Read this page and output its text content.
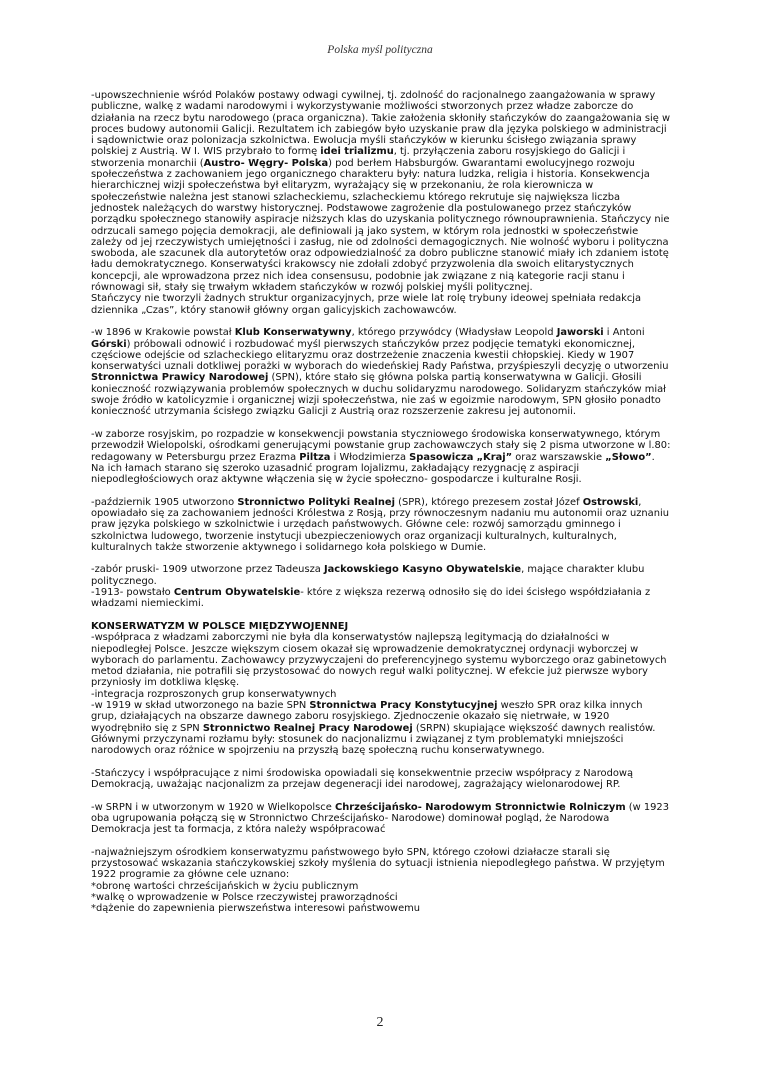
Polska myśl polityczna

-upowszechnienie wśród Polaków postawy odwagi cywilnej, tj. zdolność do racjonalnego zaangażowania w sprawy publiczne, walkę z wadami narodowymi i wykorzystywanie możliwości stworzonych przez władze zaborcze do działania na rzecz bytu narodowego (praca organiczna). Takie założenia skłoniły stańczyków do zaangażowania się w proces budowy autonomii Galicji. Rezultatem ich zabiegów było uzyskanie praw dla języka polskiego w administracji i sądownictwie oraz polonizacja szkolnictwa. Ewolucja myśli stańczyków w kierunku ścisłego związania sprawy polskiej z Austrią. W I. WIS przybrało to formę idei trializmu, tj. przyłączenia zaboru rosyjskiego do Galicji i stworzenia monarchii (Austro- Węgry- Polska) pod berłem Habsburgów. Gwarantami ewolucyjnego rozwoju społeczeństwa z zachowaniem jego organicznego charakteru były: natura ludzka, religia i historia. Konsekwencja hierarchicznej wizji społeczeństwa był elitaryzm, wyrażający się w przekonaniu, że rola kierownicza w społeczeństwie należna jest stanowi szlacheckiemu, szlacheckiemu którego rekrutuje się największa liczba jednostek należących do warstwy historycznej. Podstawowe zagrożenie dla postulowanego przez stańczyków porządku społecznego stanowiły aspiracje niższych klas do uzyskania politycznego równouprawnienia. Stańczycy nie odrzucali samego pojęcia demokracji, ale definiowali ją jako system, w którym rola jednostki w społeczeństwie zależy od jej rzeczywistych umiejętności i zasług, nie od zdolności demagogicznych. Nie wolność wyboru i polityczna swoboda, ale szacunek dla autorytetów oraz odpowiedzialność za dobro publiczne stanowić miały ich zdaniem istotę ładu demokratycznego. Konserwatyści krakowscy nie zdołali zdobyć przyzwolenia dla swoich elitarystycznych koncepcji, ale wprowadzona przez nich idea consensusu, podobnie jak związane z nią kategorie racji stanu i równowagi sił, stały się trwałym wkładem stańczyków w rozwój polskiej myśli politycznej.

Stańczycy nie tworzyli żadnych struktur organizacyjnych, prze wiele lat rolę trybuny ideowej spełniała redakcja dziennika „Czas”, który stanowił główny organ galicyjskich zachowawców.

-w 1896 w Krakowie powstał Klub Konserwatywny, którego przywódcy (Władysław Leopold Jaworski i Antoni Górski) próbowali odnowić i rozbudować myśl pierwszych stańczyków przez podjęcie tematyki ekonomicznej, częściowe odejście od szlacheckiego elitaryzmu oraz dostrzeżenie znaczenia kwestii chłopskiej. Kiedy w 1907 konserwatyści uznali dotkliwej porażki w wyborach do wiedeńskiej Rady Państwa, przyśpieszyli decyzję o utworzeniu Stronnictwa Prawicy Narodowej (SPN), które stało się główna polska partią konserwatywna w Galicji. Głosili konieczność rozwiązywania problemów społecznych w duchu solidaryzmu narodowego. Solidaryzm stańczyków miał swoje źródło w katolicyzmie i organicznej wizji społeczeństwa, nie zaś w egoizmie narodowym, SPN głosiło ponadto konieczność utrzymania ścisłego związku Galicji z Austrią oraz rozszerzenie zakresu jej autonomii.

-w zaborze rosyjskim, po rozpadzie w konsekwencji powstania styczniowego środowiska konserwatywnego, którym przewodził Wielopolski, ośrodkami generującymi powstanie grup zachowawczych stały się 2 pisma utworzone w l.80: redagowany w Petersburgu przez Erazma Piltza i Włodzimierza Spasowicza „Kraj” oraz warszawskie „Słowo”. Na ich łamach starano się szeroko uzasadnić program lojalizmu, zakładający rezygnację z aspiracji niepodległościowych oraz aktywne włączenia się w życie społeczno- gospodarcze i kulturalne Rosji.

-październik 1905 utworzono Stronnictwo Polityki Realnej (SPR), którego prezesem został Józef Ostrowski, opowiadało się za zachowaniem jedności Królestwa z Rosją, przy równoczesnym nadaniu mu autonomii oraz uznaniu praw języka polskiego w szkolnictwie i urzędach państwowych. Główne cele: rozwój samorządu gminnego i szkolnictwa ludowego, tworzenie instytucji ubezpieczeniowych oraz organizacji kulturalnych, kulturalnych, kulturalnych także stworzenie aktywnego i solidarnego koła polskiego w Dumie.

-zabór pruski- 1909 utworzone przez Tadeusza Jackowskiego Kasyno Obywatelskie, mające charakter klubu politycznego.

-1913- powstało Centrum Obywatelskie- które z większa rezerwą odnosiło się do idei ścisłego współdziałania z władzami niemieckimi.

KONSERWATYZM W POLSCE MIĘDZYWOJENNEJ

-współpraca z władzami zaborczymi nie była dla konserwatystów najlepszą legitymacją do działalności w niepodległej Polsce. Jeszcze większym ciosem okazał się wprowadzenie demokratycznej ordynacji wyborczej w wyborach do parlamentu. Zachowawcy przyzwyczajeni do preferencyjnego systemu wyborczego oraz gabinetowych metod działania, nie potrafili się przystosować do nowych reguł walki politycznej. W efekcie już pierwsze wybory przyniosły im dotkliwa klęskę.

-integracja rozproszonych grup konserwatywnych

-w 1919 w skład utworzonego na bazie SPN Stronnictwa Pracy Konstytucyjnej weszło SPR oraz kilka innych grup, działających na obszarze dawnego zaboru rosyjskiego. Zjednoczenie okazało się nietrwałe, w 1920 wyodrębniło się z SPN Stronnictwo Realnej Pracy Narodowej (SRPN) skupiające większość dawnych realistów. Głównymi przyczynami rozłamu były: stosunek do nacjonalizmu i związanej z tym problematyki mniejszości narodowych oraz różnice w spojrzeniu na przyszłą bazę społeczną ruchu konserwatywnego.

-Stańczycy i współpracujące z nimi środowiska opowiadali się konsekwentnie przeciw współpracy z Narodową Demokracją, uważając nacjonalizm za przejaw degeneracji idei narodowej, zagrażający wielonarodowej RP.

-w SRPN i w utworzonym w 1920 w Wielkopolsce Chrześcijańsko- Narodowym Stronnictwie Rolniczym (w 1923 oba ugrupowania połączą się w Stronnictwo Chrześcijańsko- Narodowe) dominował pogląd, że Narodowa Demokracja jest ta formacja, z która należy współpracować

-najważniejszym ośrodkiem konserwatyzmu państwowego było SPN, którego czołowi działacze starali się przystosować wskazania stańczykowskiej szkoły myślenia do sytuacji istnienia niepodległego państwa. W przyjętym 1922 programie za główne cele uznano:

*obronę wartości chrześcijańskich w życiu publicznym

*walkę o wprowadzenie w Polsce rzeczywistej praworządności

*dążenie do zapewnienia pierwszeństwa interesowi państwowemu

2
